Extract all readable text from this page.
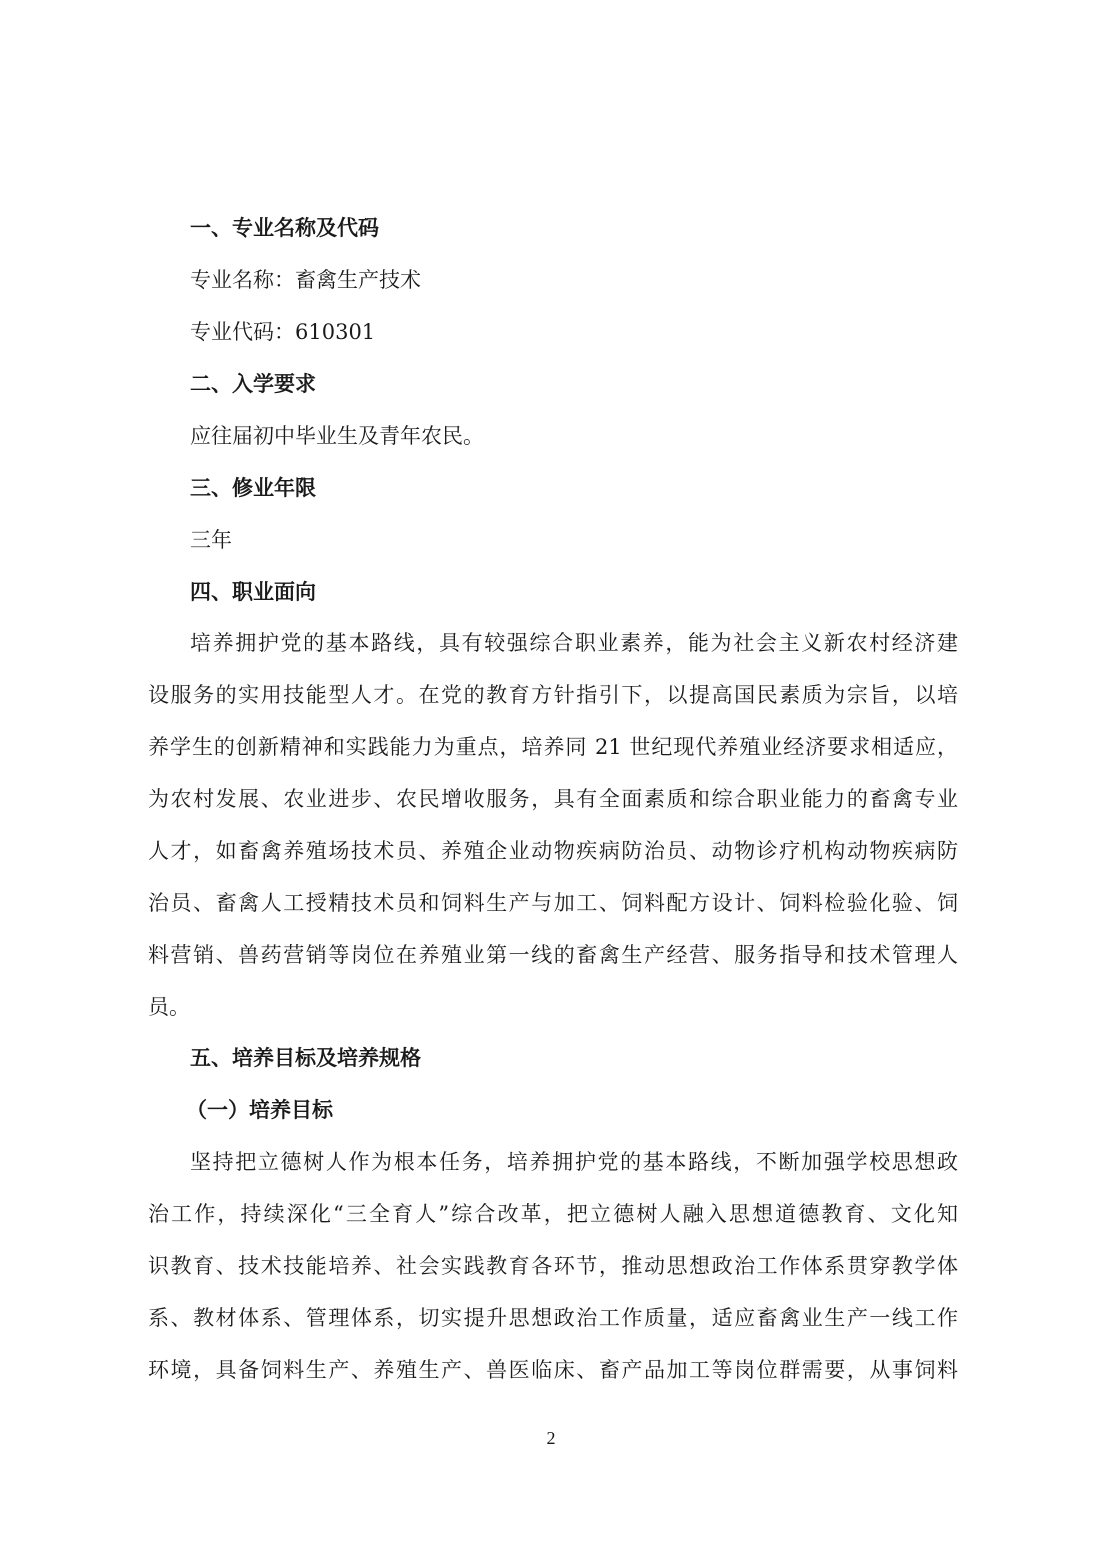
一、专业名称及代码
专业名称：畜禽生产技术
专业代码：610301
二、入学要求
应往届初中毕业生及青年农民。
三、修业年限
三年
四、职业面向
培养拥护党的基本路线，具有较强综合职业素养，能为社会主义新农村经济建
设服务的实用技能型人才。在党的教育方针指引下，以提高国民素质为宗旨，以培
养学生的创新精神和实践能力为重点，培养同 21 世纪现代养殖业经济要求相适应，
为农村发展、农业进步、农民增收服务，具有全面素质和综合职业能力的畜禽专业
人才，如畜禽养殖场技术员、养殖企业动物疾病防治员、动物诊疗机构动物疾病防
治员、畜禽人工授精技术员和饲料生产与加工、饲料配方设计、饲料检验化验、饲
料营销、兽药营销等岗位在养殖业第一线的畜禽生产经营、服务指导和技术管理人
员。
五、培养目标及培养规格
（一）培养目标
坚持把立德树人作为根本任务，培养拥护党的基本路线，不断加强学校思想政
治工作，持续深化“三全育人”综合改革，把立德树人融入思想道德教育、文化知
识教育、技术技能培养、社会实践教育各环节，推动思想政治工作体系贯穿教学体
系、教材体系、管理体系，切实提升思想政治工作质量，适应畜禽业生产一线工作
环境，具备饲料生产、养殖生产、兽医临床、畜产品加工等岗位群需要，从事饲料
2
